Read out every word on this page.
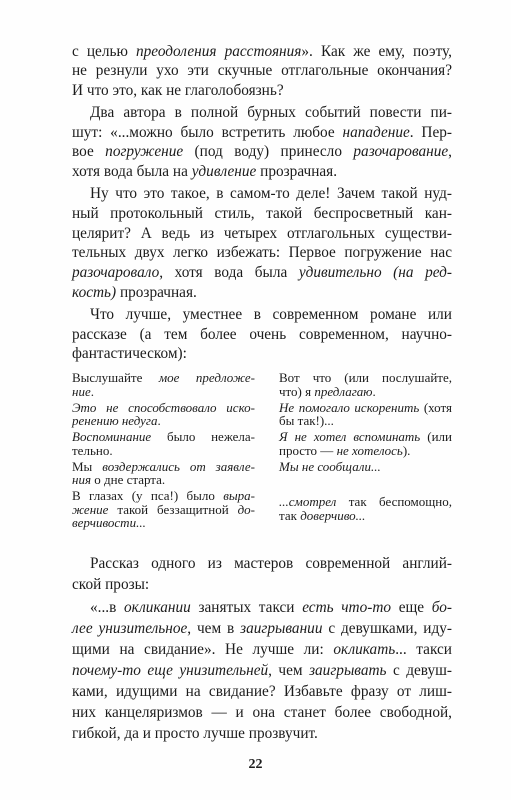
с целью преодоления расстояния». Как же ему, поэту,
не резнули ухо эти скучные отглагольные окончания?
И что это, как не глаголобоязнь?
Два автора в полной бурных событий повести пи-
шут: «...можно было встретить любое нападение. Пер-
вое погружение (под воду) принесло разочарование,
хотя вода была на удивление прозрачная.
Ну что это такое, в самом-то деле! Зачем такой нуд-
ный протокольный стиль, такой беспросветный кан-
целярит? А ведь из четырех отглагольных существи-
тельных двух легко избежать: Первое погружение нас
разочаровало, хотя вода была удивительно (на ред-
кость) прозрачная.
Что лучше, уместнее в современном романе или
рассказе (а тем более очень современном, научно-
фантастическом):
Выслушайте мое предложе-
ние.
Вот что (или послушайте,
что) я предлагаю.
Это не способствовало иско-
ренению недуга.
Не помогало искоренить (хотя
бы так!)...
Воспоминание было нежела-
тельно.
Я не хотел вспоминать (или
просто — не хотелось).
Мы воздержались от заявле-
ния о дне старта.
Мы не сообщали...
В глазах (у пса!) было выра-
жение такой беззащитной до-
верчивости...
...смотрел так беспомощно,
так доверчиво...
Рассказ одного из мастеров современной англий-
ской прозы:
«...в окликании занятых такси есть что-то еще бо-
лее унизительное, чем в заигрывании с девушками, иду-
щими на свидание». Не лучше ли: окликать... такси
почему-то еще унизительней, чем заигрывать с девуш-
ками, идущими на свидание? Избавьте фразу от лиш-
них канцеляризмов — и она станет более свободной,
гибкой, да и просто лучше прозвучит.
22
